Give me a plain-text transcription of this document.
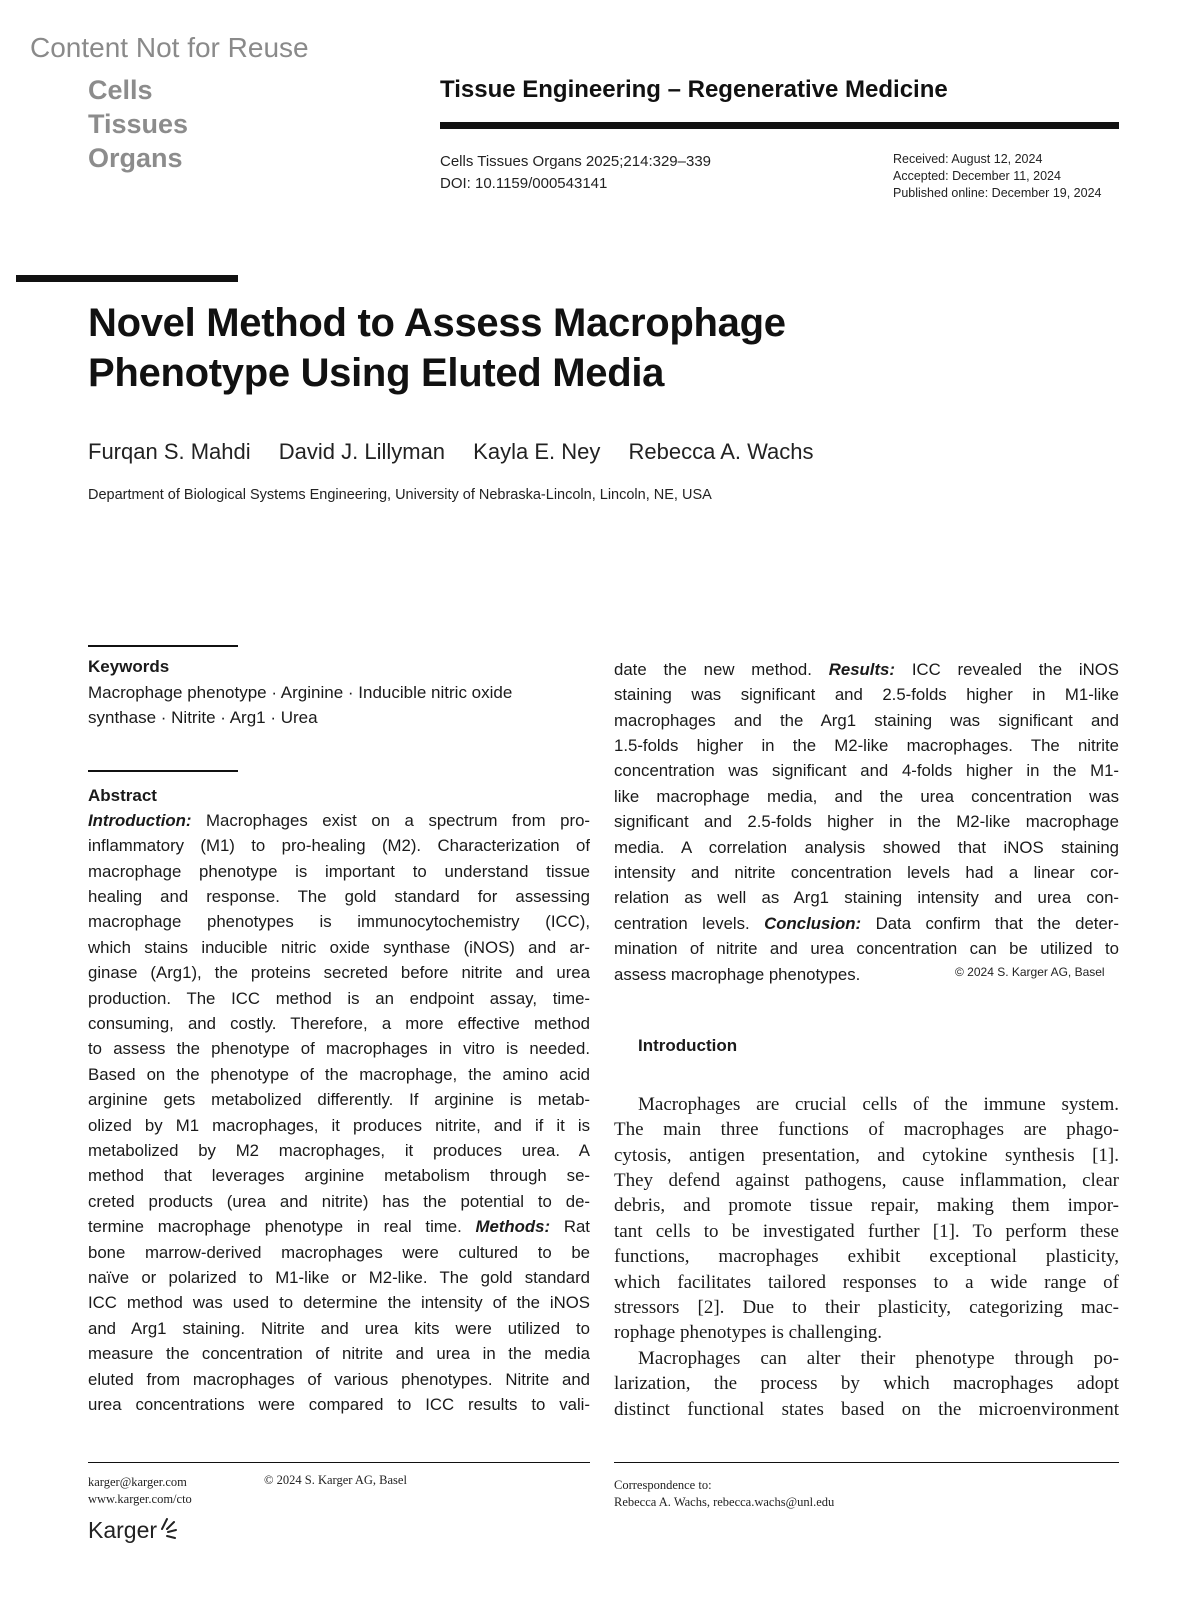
Content Not for Reuse
Cells
Tissues
Organs
Tissue Engineering – Regenerative Medicine
Cells Tissues Organs 2025;214:329–339
DOI: 10.1159/000543141
Received: August 12, 2024
Accepted: December 11, 2024
Published online: December 19, 2024
Novel Method to Assess Macrophage
Phenotype Using Eluted Media
Furqan S. Mahdi David J. Lillyman Kayla E. Ney Rebecca A. Wachs
Department of Biological Systems Engineering, University of Nebraska-Lincoln, Lincoln, NE, USA
Keywords
Macrophage phenotype · Arginine · Inducible nitric oxide
synthase · Nitrite · Arg1 · Urea
Abstract
Introduction: Macrophages exist on a spectrum from pro-
inflammatory (M1) to pro-healing (M2). Characterization of
macrophage phenotype is important to understand tissue
healing and response. The gold standard for assessing
macrophage phenotypes is immunocytochemistry (ICC),
which stains inducible nitric oxide synthase (iNOS) and ar-
ginase (Arg1), the proteins secreted before nitrite and urea
production. The ICC method is an endpoint assay, time-
consuming, and costly. Therefore, a more effective method
to assess the phenotype of macrophages in vitro is needed.
Based on the phenotype of the macrophage, the amino acid
arginine gets metabolized differently. If arginine is metab-
olized by M1 macrophages, it produces nitrite, and if it is
metabolized by M2 macrophages, it produces urea. A
method that leverages arginine metabolism through se-
creted products (urea and nitrite) has the potential to de-
termine macrophage phenotype in real time. Methods: Rat
bone marrow-derived macrophages were cultured to be
naïve or polarized to M1-like or M2-like. The gold standard
ICC method was used to determine the intensity of the iNOS
and Arg1 staining. Nitrite and urea kits were utilized to
measure the concentration of nitrite and urea in the media
eluted from macrophages of various phenotypes. Nitrite and
urea concentrations were compared to ICC results to vali-
date the new method. Results: ICC revealed the iNOS
staining was significant and 2.5-folds higher in M1-like
macrophages and the Arg1 staining was significant and
1.5-folds higher in the M2-like macrophages. The nitrite
concentration was significant and 4-folds higher in the M1-
like macrophage media, and the urea concentration was
significant and 2.5-folds higher in the M2-like macrophage
media. A correlation analysis showed that iNOS staining
intensity and nitrite concentration levels had a linear cor-
relation as well as Arg1 staining intensity and urea con-
centration levels. Conclusion: Data confirm that the deter-
mination of nitrite and urea concentration can be utilized to
assess macrophage phenotypes.	© 2024 S. Karger AG, Basel
Introduction
Macrophages are crucial cells of the immune system.
The main three functions of macrophages are phago-
cytosis, antigen presentation, and cytokine synthesis [1].
They defend against pathogens, cause inflammation, clear
debris, and promote tissue repair, making them impor-
tant cells to be investigated further [1]. To perform these
functions, macrophages exhibit exceptional plasticity,
which facilitates tailored responses to a wide range of
stressors [2]. Due to their plasticity, categorizing mac-
rophage phenotypes is challenging.
Macrophages can alter their phenotype through po-
larization, the process by which macrophages adopt
distinct functional states based on the microenvironment
karger@karger.com
www.karger.com/cto
© 2024 S. Karger AG, Basel	Correspondence to:
Rebecca A. Wachs, rebecca.wachs@unl.edu
Karger
